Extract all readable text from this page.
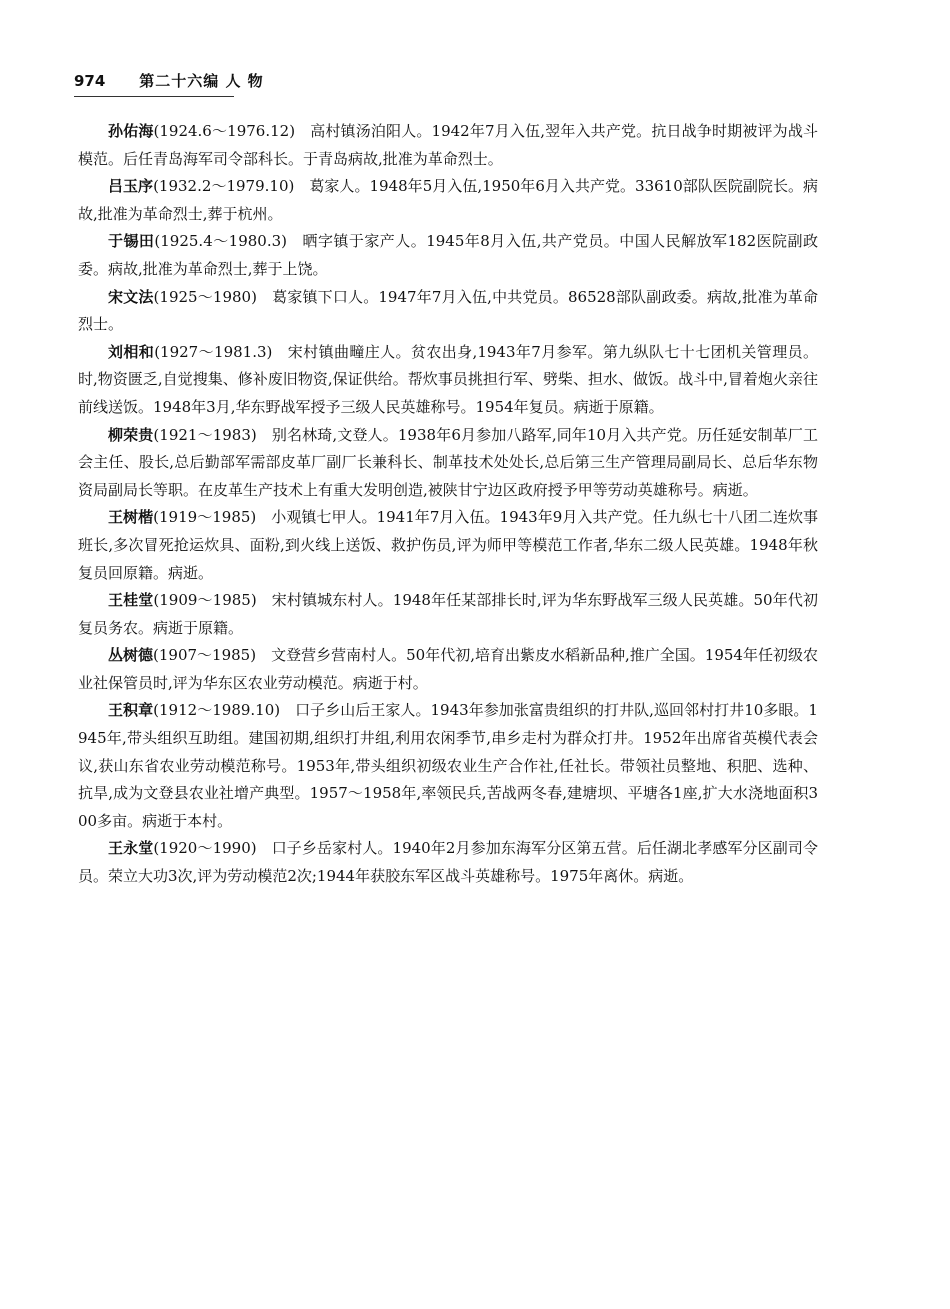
974 第二十六编 人 物

孙佑海(1924.6～1976.12) 高村镇汤泊阳人。1942年7月入伍,翌年入共产党。抗日战争时期被评为战斗模范。后任青岛海军司令部科长。于青岛病故,批准为革命烈士。

吕玉序(1932.2～1979.10) 葛家人。1948年5月入伍,1950年6月入共产党。33610部队医院副院长。病故,批准为革命烈士,葬于杭州。

于锡田(1925.4～1980.3) 晒字镇于家产人。1945年8月入伍,共产党员。中国人民解放军182医院副政委。病故,批准为革命烈士,葬于上饶。

宋文法(1925～1980) 葛家镇下口人。1947年7月入伍,中共党员。86528部队副政委。病故,批准为革命烈士。

刘相和(1927～1981.3) 宋村镇曲疃庄人。贫农出身,1943年7月参军。第九纵队七十七团机关管理员。时,物资匮乏,自觉搜集、修补废旧物资,保证供给。帮炊事员挑担行军、劈柴、担水、做饭。战斗中,冒着炮火亲往前线送饭。1948年3月,华东野战军授予三级人民英雄称号。1954年复员。病逝于原籍。

柳荣贵(1921～1983) 别名林琦,文登人。1938年6月参加八路军,同年10月入共产党。历任延安制革厂工会主任、股长,总后勤部军需部皮革厂副厂长兼科长、制革技术处处长,总后第三生产管理局副局长、总后华东物资局副局长等职。在皮革生产技术上有重大发明创造,被陕甘宁边区政府授予甲等劳动英雄称号。病逝。

王树楷(1919～1985) 小观镇七甲人。1941年7月入伍。1943年9月入共产党。任九纵七十八团二连炊事班长,多次冒死抢运炊具、面粉,到火线上送饭、救护伤员,评为师甲等模范工作者,华东二级人民英雄。1948年秋复员回原籍。病逝。

王桂堂(1909～1985) 宋村镇城东村人。1948年任某部排长时,评为华东野战军三级人民英雄。50年代初复员务农。病逝于原籍。

丛树德(1907～1985) 文登营乡营南村人。50年代初,培育出紫皮水稻新品种,推广全国。1954年任初级农业社保管员时,评为华东区农业劳动模范。病逝于村。

王积章(1912～1989.10) 口子乡山后王家人。1943年参加张富贵组织的打井队,巡回邻村打井10多眼。1945年,带头组织互助组。建国初期,组织打井组,利用农闲季节,串乡走村为群众打井。1952年出席省英模代表会议,获山东省农业劳动模范称号。1953年,带头组织初级农业生产合作社,任社长。带领社员整地、积肥、选种、抗旱,成为文登县农业社增产典型。1957～1958年,率领民兵,苦战两冬春,建塘坝、平塘各1座,扩大水浇地面积300多亩。病逝于本村。

王永堂(1920～1990) 口子乡岳家村人。1940年2月参加东海军分区第五营。后任湖北孝感军分区副司令员。荣立大功3次,评为劳动模范2次;1944年获胶东军区战斗英雄称号。1975年离休。病逝。
